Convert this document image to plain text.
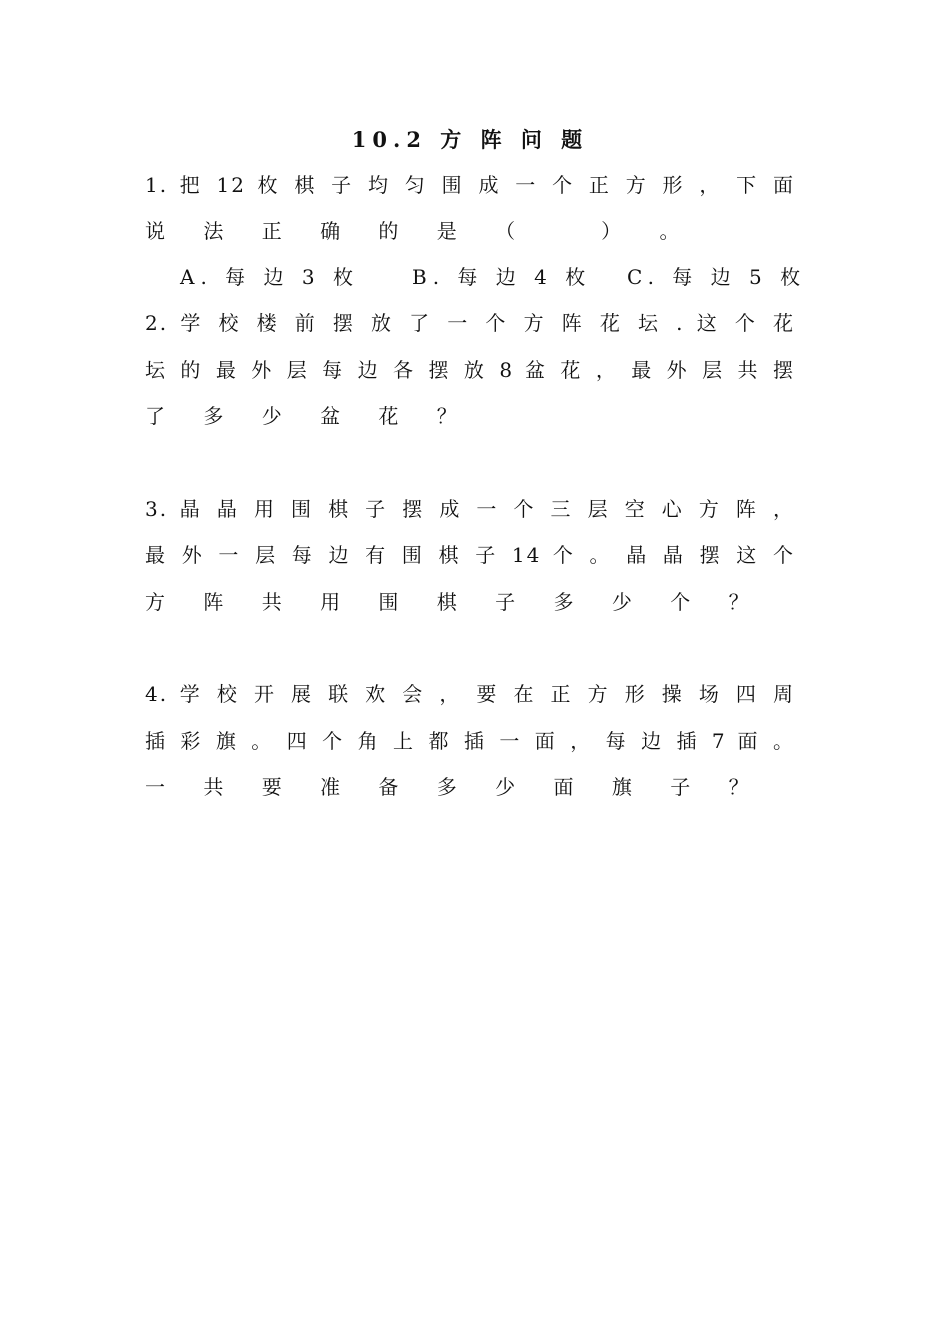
10.2 方 阵 问 题
1. 把 12 枚 棋 子 均 匀 围 成 一 个 正 方 形 ， 下 面
说 法 正 确 的 是 （	） 。
A. 每 边 3 枚	B. 每 边 4 枚 C. 每 边 5 枚
2. 学 校 楼 前 摆 放 了 一 个 方 阵 花 坛 . 这 个 花
坛 的 最 外 层 每 边 各 摆 放 8 盆 花 ， 最 外 层 共 摆
了 多 少 盆 花 ？
3. 晶 晶 用 围 棋 子 摆 成 一 个 三 层 空 心 方 阵 ，
最 外 一 层 每 边 有 围 棋 子 14 个 。 晶 晶 摆 这 个
方 阵 共 用 围 棋 子 多 少 个 ？
4. 学 校 开 展 联 欢 会 ， 要 在 正 方 形 操 场 四 周
插 彩 旗 。 四 个 角 上 都 插 一 面 ， 每 边 插 7 面 。
一 共 要 准 备 多 少 面 旗 子 ？
